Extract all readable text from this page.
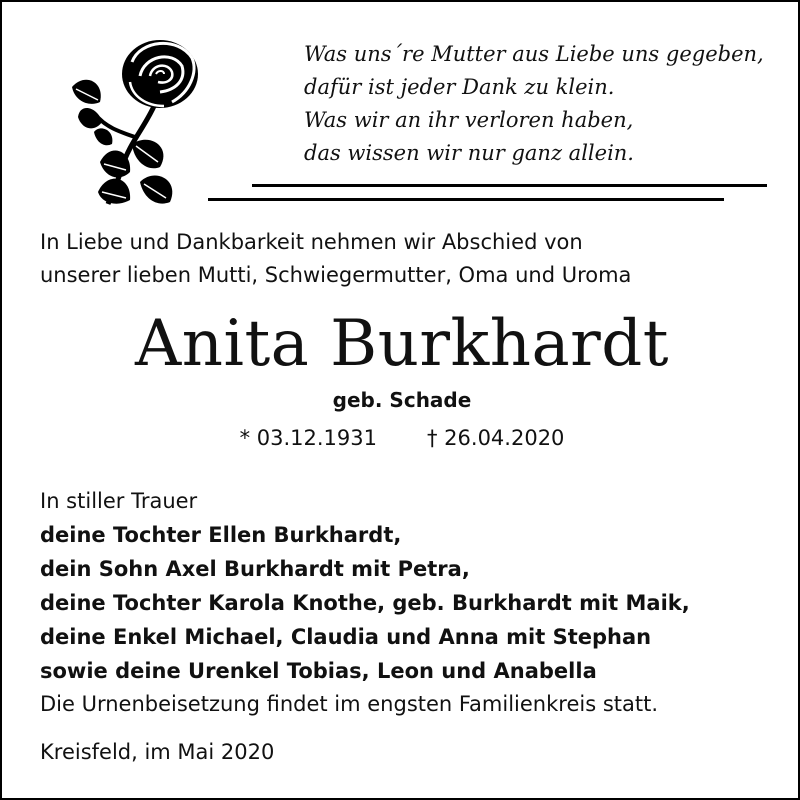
Was uns´re Mutter aus Liebe uns gegeben,
dafür ist jeder Dank zu klein.
Was wir an ihr verloren haben,
das wissen wir nur ganz allein.
In Liebe und Dankbarkeit nehmen wir Abschied von
unserer lieben Mutti, Schwiegermutter, Oma und Uroma
Anita Burkhardt
geb. Schade
* 03.12.1931 † 26.04.2020
In stiller Trauer
deine Tochter Ellen Burkhardt,
dein Sohn Axel Burkhardt mit Petra,
deine Tochter Karola Knothe, geb. Burkhardt mit Maik,
deine Enkel Michael, Claudia und Anna mit Stephan
sowie deine Urenkel Tobias, Leon und Anabella
Die Urnenbeisetzung findet im engsten Familienkreis statt.
Kreisfeld, im Mai 2020
